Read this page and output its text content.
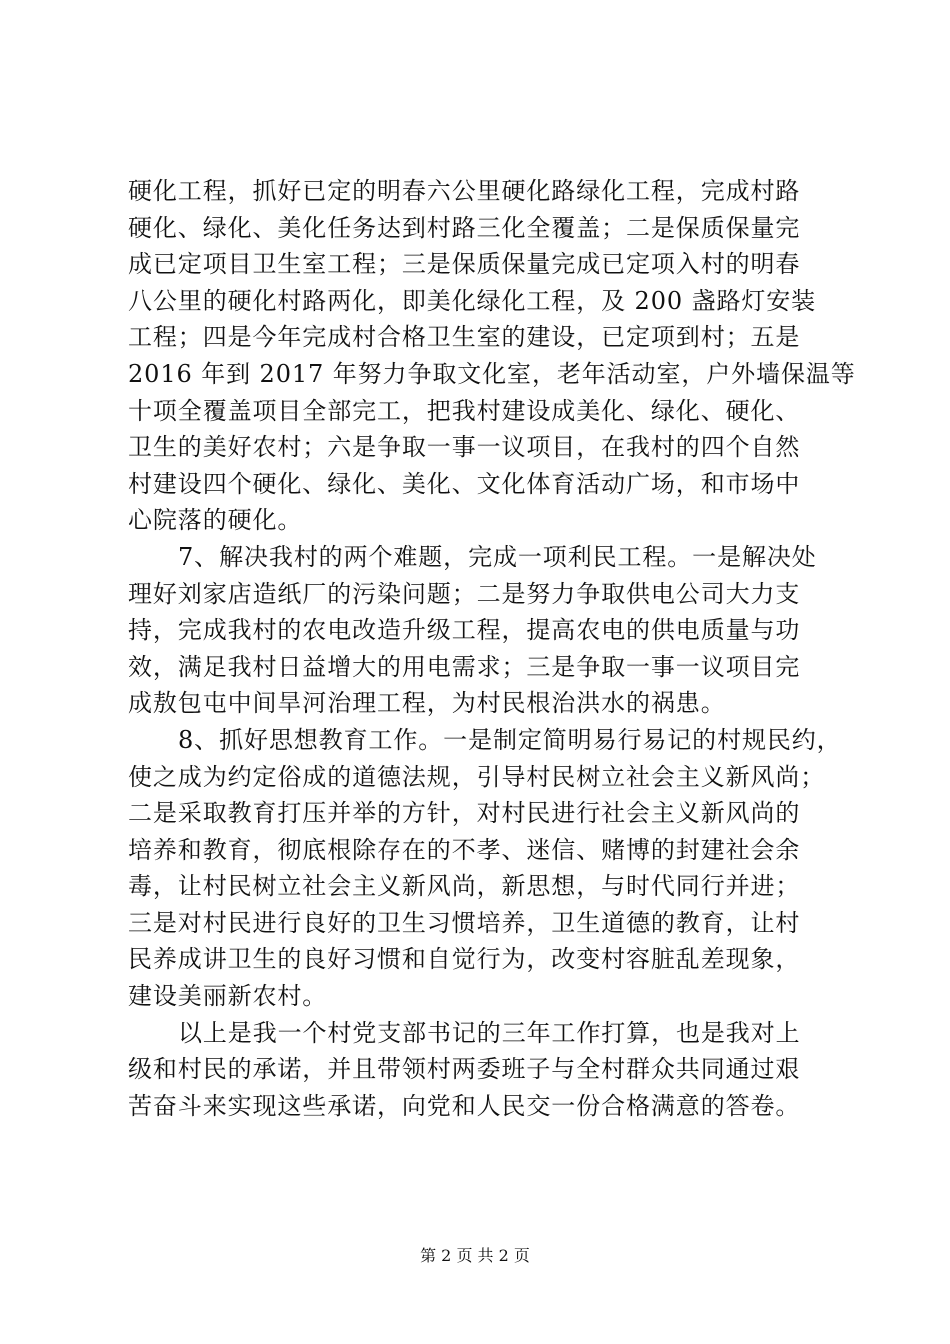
硬化工程，抓好已定的明春六公里硬化路绿化工程，完成村路
硬化、绿化、美化任务达到村路三化全覆盖；二是保质保量完
成已定项目卫生室工程；三是保质保量完成已定项入村的明春
八公里的硬化村路两化，即美化绿化工程，及 200 盏路灯安装
工程；四是今年完成村合格卫生室的建设，已定项到村；五是
2016 年到 2017 年努力争取文化室，老年活动室，户外墙保温等
十项全覆盖项目全部完工，把我村建设成美化、绿化、硬化、
卫生的美好农村；六是争取一事一议项目，在我村的四个自然
村建设四个硬化、绿化、美化、文化体育活动广场，和市场中
心院落的硬化。
7、解决我村的两个难题，完成一项利民工程。一是解决处
理好刘家店造纸厂的污染问题；二是努力争取供电公司大力支
持，完成我村的农电改造升级工程，提高农电的供电质量与功
效，满足我村日益增大的用电需求；三是争取一事一议项目完
成敖包屯中间旱河治理工程，为村民根治洪水的祸患。
8、抓好思想教育工作。一是制定简明易行易记的村规民约，
使之成为约定俗成的道德法规，引导村民树立社会主义新风尚；
二是采取教育打压并举的方针，对村民进行社会主义新风尚的
培养和教育，彻底根除存在的不孝、迷信、赌博的封建社会余
毒，让村民树立社会主义新风尚，新思想，与时代同行并进；
三是对村民进行良好的卫生习惯培养，卫生道德的教育，让村
民养成讲卫生的良好习惯和自觉行为，改变村容脏乱差现象，
建设美丽新农村。
以上是我一个村党支部书记的三年工作打算，也是我对上
级和村民的承诺，并且带领村两委班子与全村群众共同通过艰
苦奋斗来实现这些承诺，向党和人民交一份合格满意的答卷。
第 2 页 共 2 页
